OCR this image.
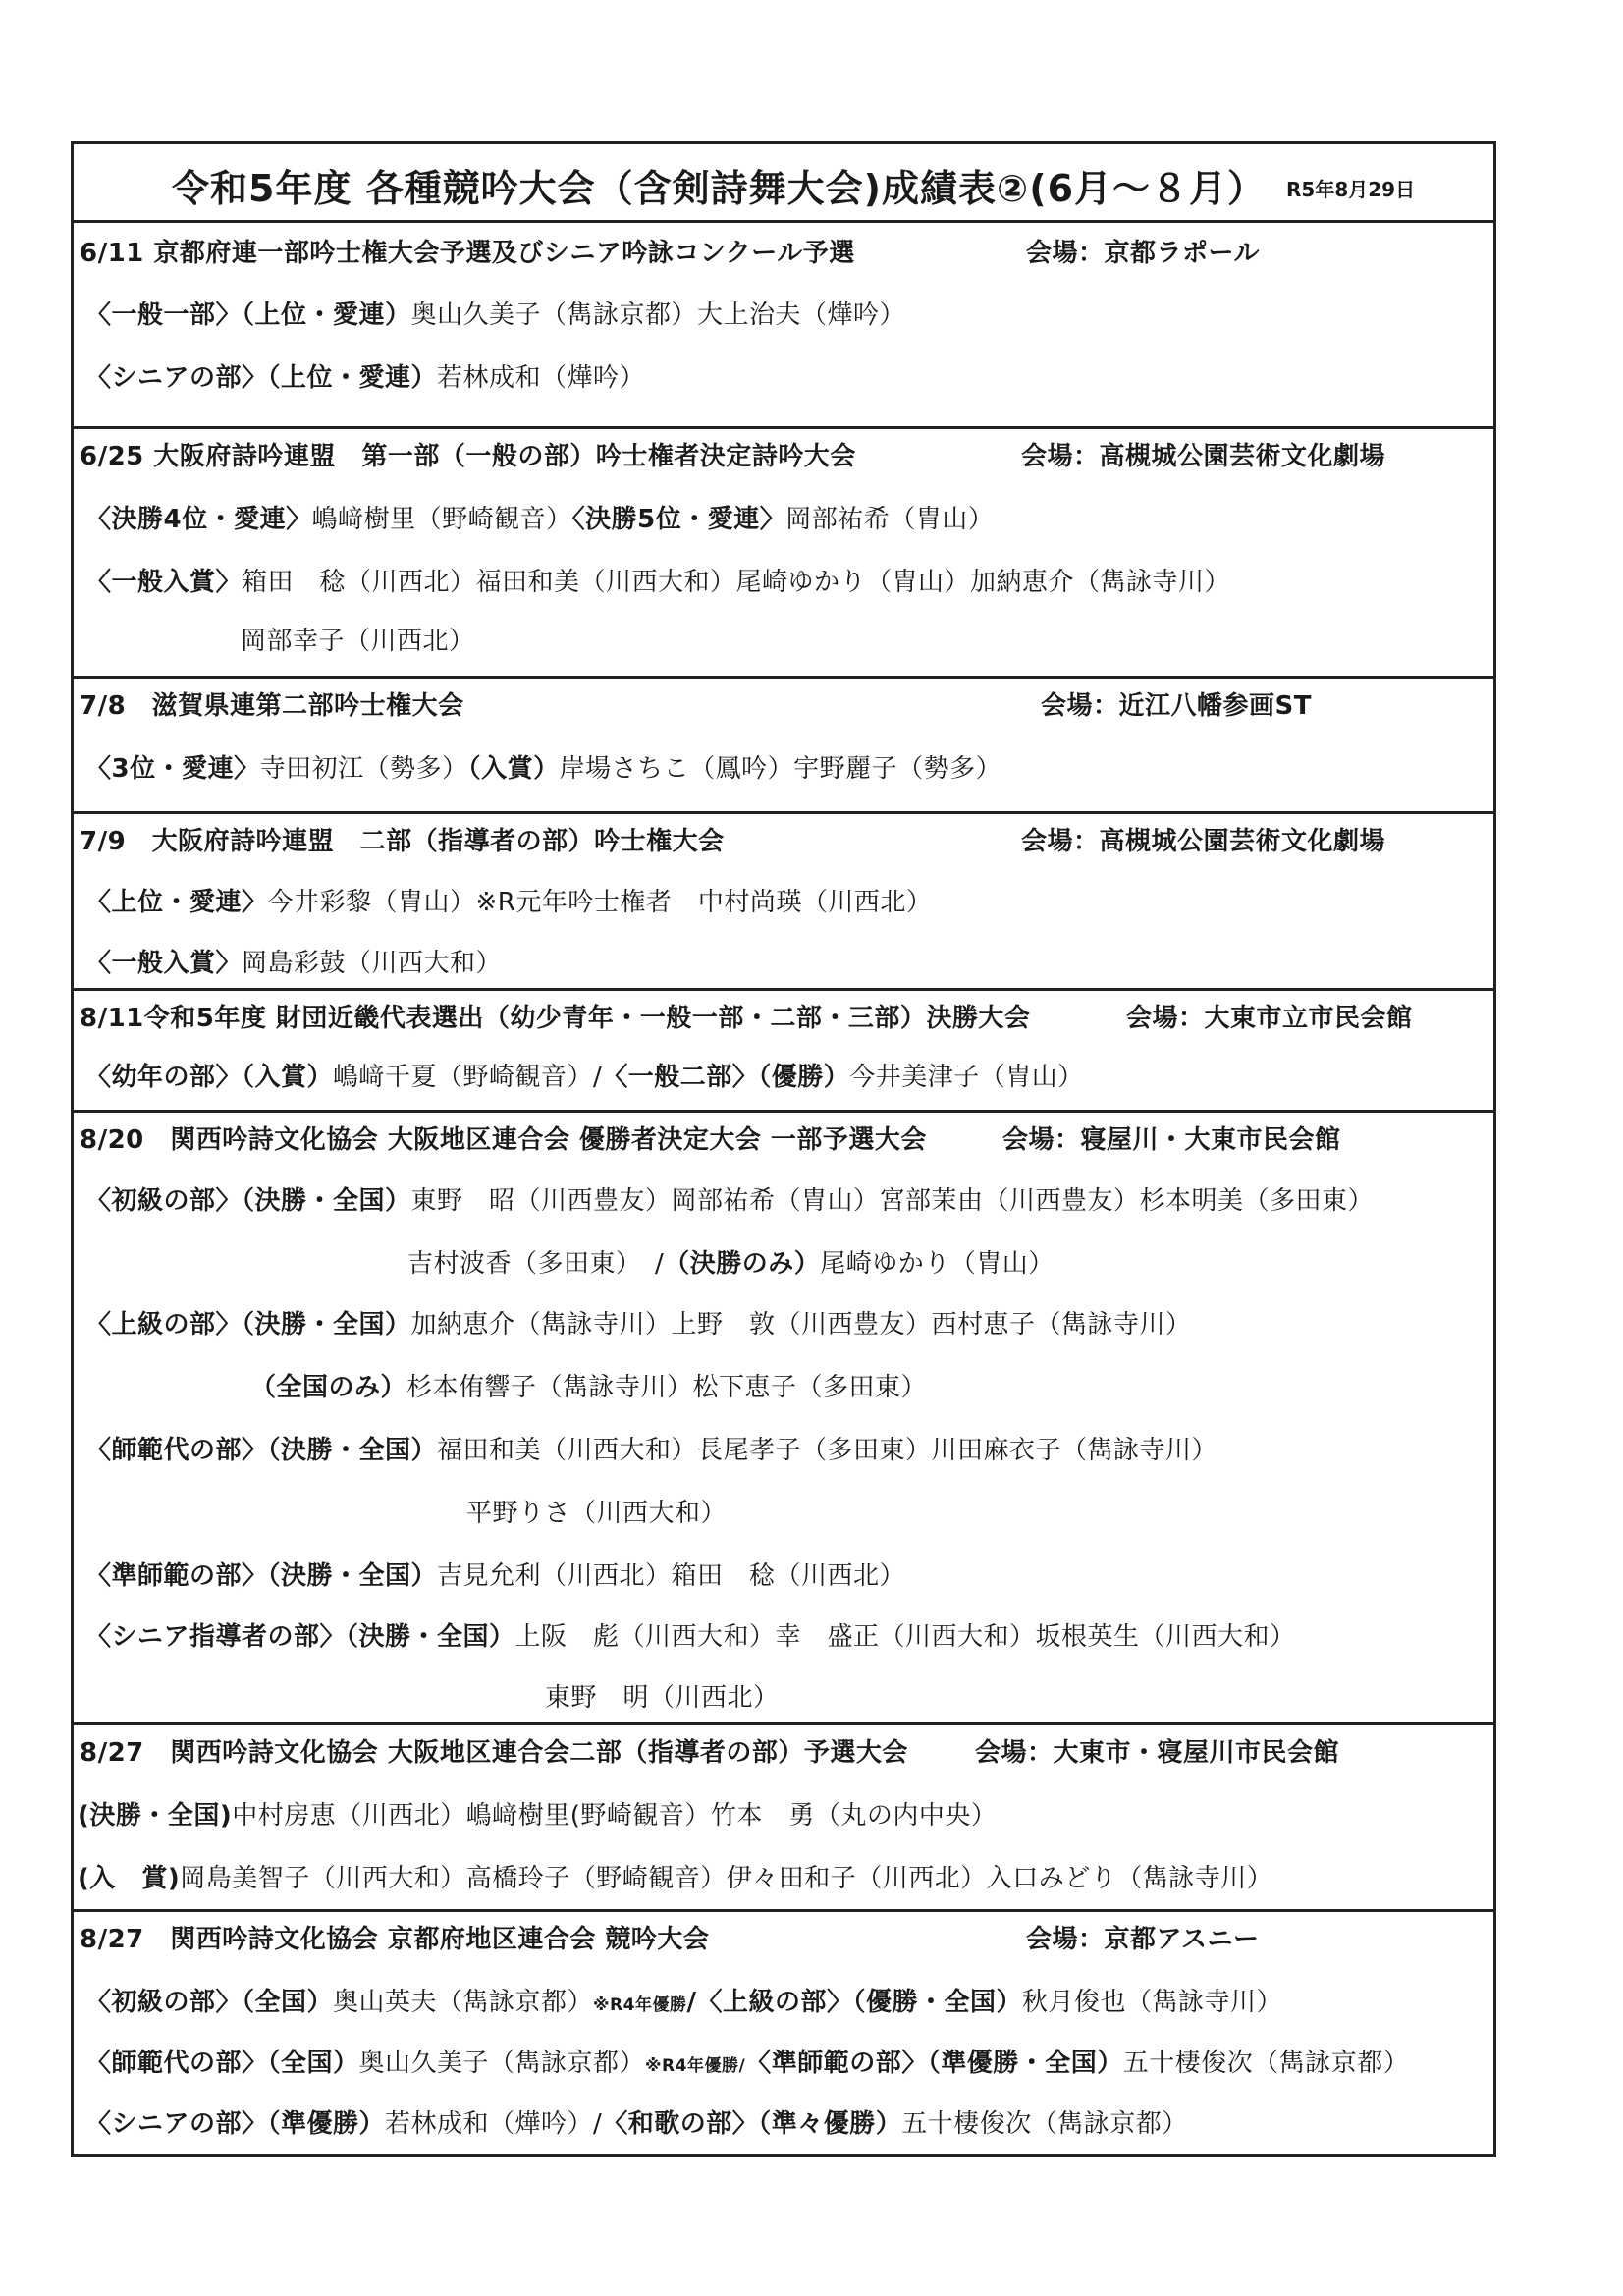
令和5年度 各種競吟大会（含剣詩舞大会)成績表②(6月～８月） R5年8月29日
6/11 京都府連一部吟士権大会予選及びシニア吟詠コンクール予選	会場：京都ラポール
〈一般一部〉（上位・愛連）奥山久美子（雋詠京都）大上治夫（燁吟）
〈シニアの部〉（上位・愛連）若林成和（燁吟）
6/25 大阪府詩吟連盟　第一部（一般の部）吟士権者決定詩吟大会	会場：高槻城公園芸術文化劇場
〈決勝4位・愛連〉嶋﨑樹里（野崎観音）〈決勝5位・愛連〉岡部祐希（胄山）
〈一般入賞〉箱田　稔（川西北）福田和美（川西大和）尾崎ゆかり（胄山）加納恵介（雋詠寺川）
岡部幸子（川西北）
7/8　滋賀県連第二部吟士権大会	会場：近江八幡参画ST
〈3位・愛連〉寺田初江（勢多）（入賞）岸場さちこ（鳳吟）宇野麗子（勢多）
7/9　大阪府詩吟連盟　二部（指導者の部）吟士権大会	会場：高槻城公園芸術文化劇場
〈上位・愛連〉今井彩黎（胄山）※R元年吟士権者　中村尚瑛（川西北）
〈一般入賞〉岡島彩鼓（川西大和）
8/11令和5年度 財団近畿代表選出（幼少青年・一般一部・二部・三部）決勝大会	会場：大東市立市民会館
〈幼年の部〉（入賞）嶋﨑千夏（野崎観音）/〈一般二部〉（優勝）今井美津子（胄山）
8/20　関西吟詩文化協会 大阪地区連合会 優勝者決定大会 一部予選大会	会場：寝屋川・大東市民会館
〈初級の部〉（決勝・全国）東野　昭（川西豊友）岡部祐希（胄山）宮部茉由（川西豊友）杉本明美（多田東）
吉村波香（多田東）　/（決勝のみ）尾崎ゆかり（胄山）
〈上級の部〉（決勝・全国）加納恵介（雋詠寺川）上野　敦（川西豊友）西村恵子（雋詠寺川）
（全国のみ）杉本侑響子（雋詠寺川）松下恵子（多田東）
〈師範代の部〉（決勝・全国）福田和美（川西大和）長尾孝子（多田東）川田麻衣子（雋詠寺川）
平野りさ（川西大和）
〈準師範の部〉（決勝・全国）吉見允利（川西北）箱田　稔（川西北）
〈シニア指導者の部〉（決勝・全国）上阪　彪（川西大和）幸　盛正（川西大和）坂根英生（川西大和）
東野　明（川西北）
8/27　関西吟詩文化協会 大阪地区連合会二部（指導者の部）予選大会	会場：大東市・寝屋川市民会館
(決勝・全国)中村房恵（川西北）嶋﨑樹里(野崎観音）竹本　勇（丸の内中央）
(入　賞)岡島美智子（川西大和）高橋玲子（野崎観音）伊々田和子（川西北）入口みどり（雋詠寺川）
8/27　関西吟詩文化協会 京都府地区連合会 競吟大会	会場：京都アスニー
〈初級の部〉（全国）奥山英夫（雋詠京都）※R4年優勝/〈上級の部〉（優勝・全国）秋月俊也（雋詠寺川）
〈師範代の部〉（全国）奥山久美子（雋詠京都）※R4年優勝/〈準師範の部〉（準優勝・全国）五十棲俊次（雋詠京都）
〈シニアの部〉（準優勝）若林成和（燁吟）/〈和歌の部〉（準々優勝）五十棲俊次（雋詠京都）
